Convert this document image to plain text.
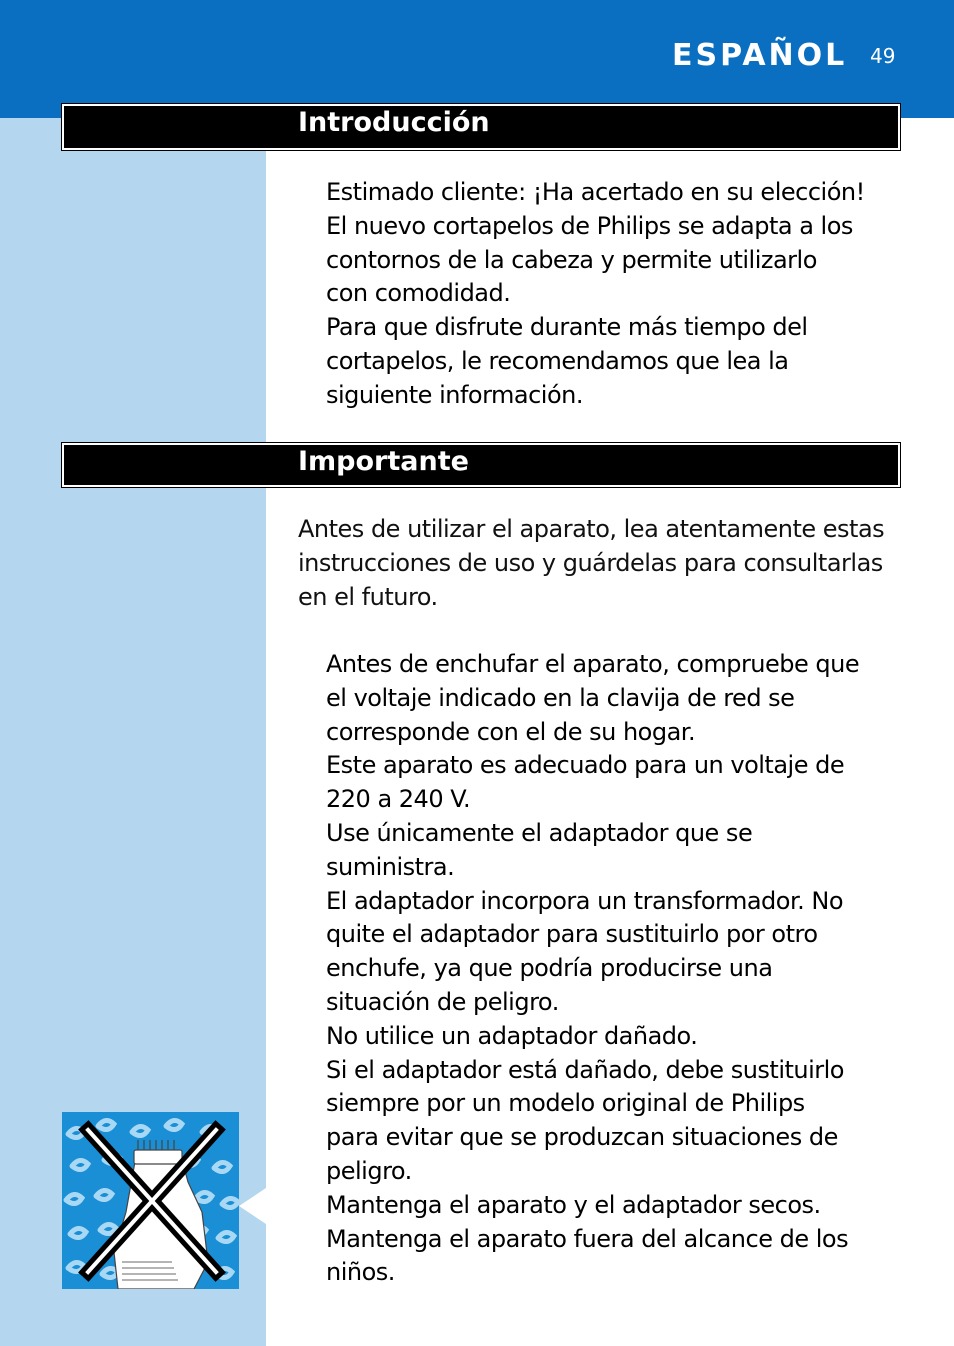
ESPAÑOL 49
Introducción
Estimado cliente: ¡Ha acertado en su elección!
El nuevo cortapelos de Philips se adapta a los
contornos de la cabeza y permite utilizarlo
con comodidad.
Para que disfrute durante más tiempo del
cortapelos, le recomendamos que lea la
siguiente información.
Importante
Antes de utilizar el aparato, lea atentamente estas
instrucciones de uso y guárdelas para consultarlas
en el futuro.
Antes de enchufar el aparato, compruebe que
el voltaje indicado en la clavija de red se
corresponde con el de su hogar.
Este aparato es adecuado para un voltaje de
220 a 240 V.
Use únicamente el adaptador que se
suministra.
El adaptador incorpora un transformador. No
quite el adaptador para sustituirlo por otro
enchufe, ya que podría producirse una
situación de peligro.
No utilice un adaptador dañado.
Si el adaptador está dañado, debe sustituirlo
siempre por un modelo original de Philips
para evitar que se produzcan situaciones de
peligro.
Mantenga el aparato y el adaptador secos.
Mantenga el aparato fuera del alcance de los
niños.
